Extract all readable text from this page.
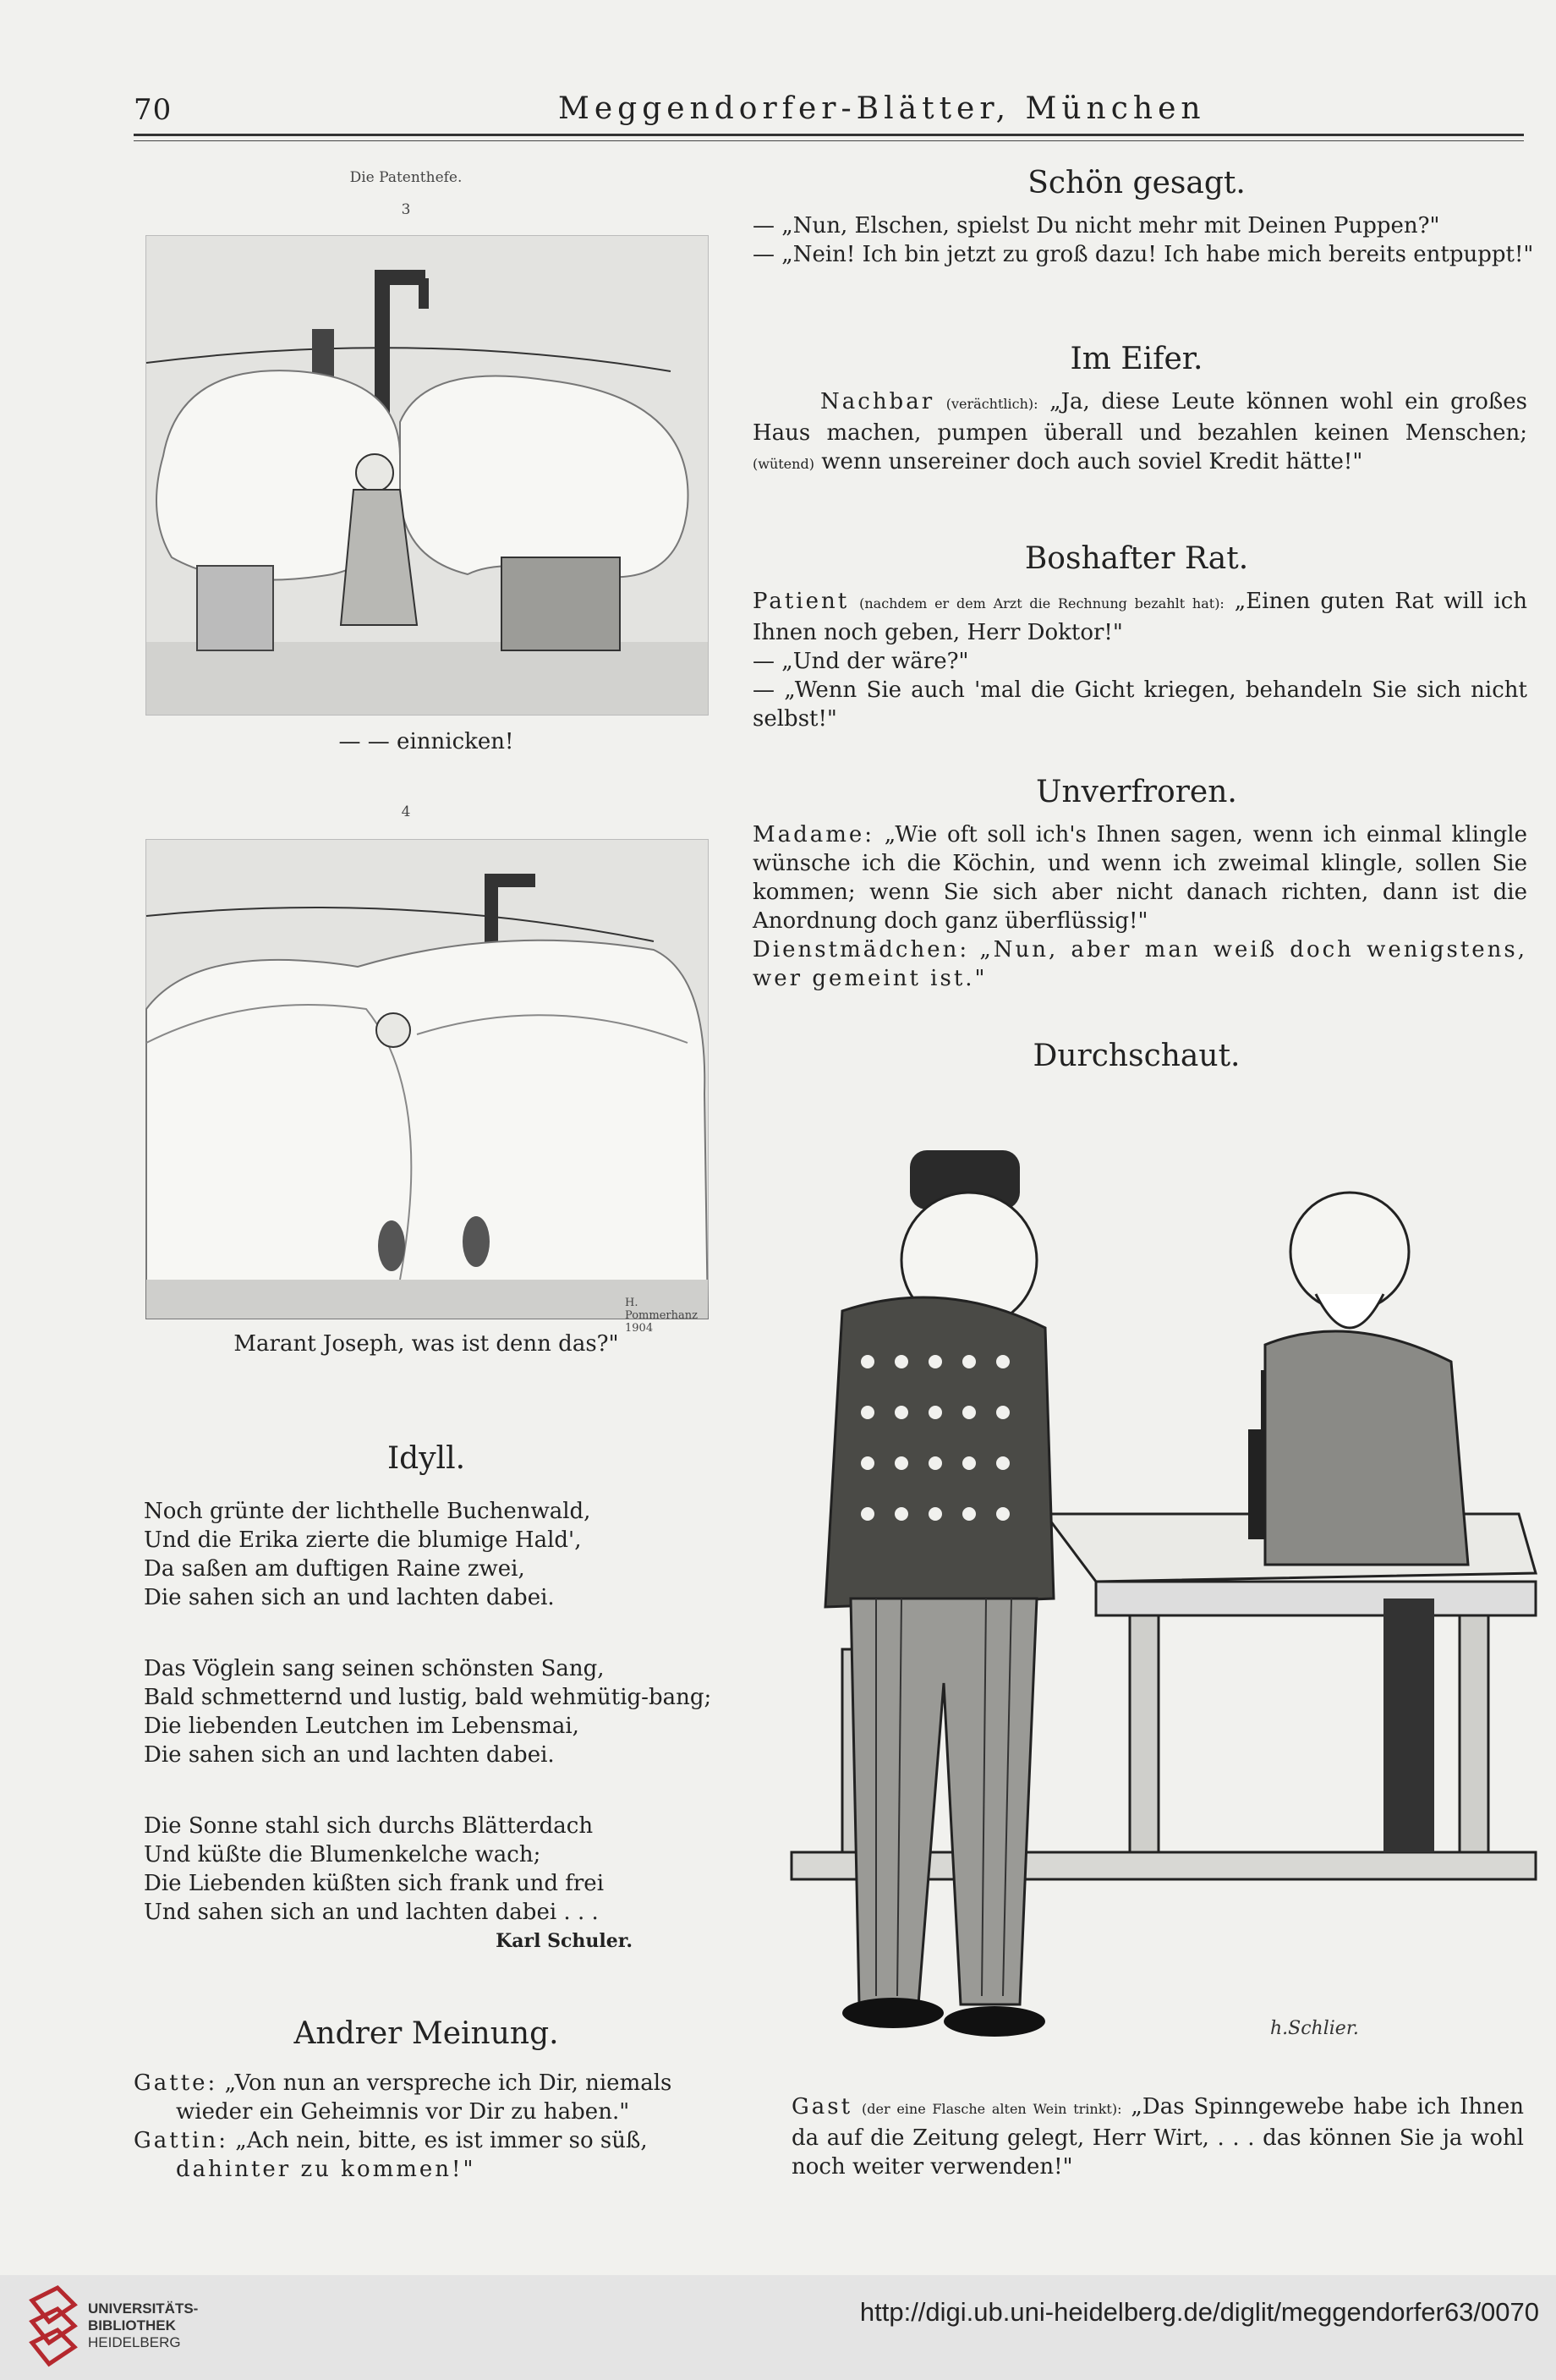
70	Meggendorfer-Blätter, München
Die Patenthefe.
3
— — einnicken!
4
H. Pommerhanz 1904
Marant Joseph, was ist denn das?"
Idyll.
Noch grünte der lichthelle Buchenwald,
Und die Erika zierte die blumige Hald',
Da saßen am duftigen Raine zwei,
Die sahen sich an und lachten dabei.
Das Vöglein sang seinen schönsten Sang,
Bald schmetternd und lustig, bald wehmütig-bang;
Die liebenden Leutchen im Lebensmai,
Die sahen sich an und lachten dabei.
Die Sonne stahl sich durchs Blätterdach
Und küßte die Blumenkelche wach;
Die Liebenden küßten sich frank und frei
Und sahen sich an und lachten dabei . . .
Karl Schuler.
Andrer Meinung.
Gatte: „Von nun an verspreche ich Dir, niemals
wieder ein Geheimnis vor Dir zu haben."
Gattin: „Ach nein, bitte, es ist immer so süß,
dahinter zu kommen!"
Schön gesagt.
— „Nun, Elschen, spielst Du nicht mehr mit Deinen Puppen?"
— „Nein! Ich bin jetzt zu groß dazu! Ich habe mich bereits entpuppt!"
Im Eifer.
Nachbar (verächtlich): „Ja, diese Leute können wohl ein großes Haus machen, pumpen überall und bezahlen keinen Menschen; (wütend) wenn unsereiner doch auch soviel Kredit hätte!"
Boshafter Rat.
Patient (nachdem er dem Arzt die Rechnung bezahlt hat): „Einen guten Rat will ich Ihnen noch geben, Herr Doktor!"
— „Und der wäre?"
— „Wenn Sie auch 'mal die Gicht kriegen, behandeln Sie sich nicht selbst!"
Unverfroren.
Madame: „Wie oft soll ich's Ihnen sagen, wenn ich einmal klingle wünsche ich die Köchin, und wenn ich zweimal klingle, sollen Sie kommen; wenn Sie sich aber nicht danach richten, dann ist die Anordnung doch ganz überflüssig!"
Dienstmädchen: „Nun, aber man weiß doch wenigstens, wer gemeint ist."
Durchschaut.
h.Schlier.
Gast (der eine Flasche alten Wein trinkt): „Das Spinngewebe habe ich Ihnen da auf die Zeitung gelegt, Herr Wirt, . . . das können Sie ja wohl noch weiter verwenden!"
UNIVERSITÄTS-
BIBLIOTHEK
HEIDELBERG
http://digi.ub.uni-heidelberg.de/diglit/meggendorfer63/0070
